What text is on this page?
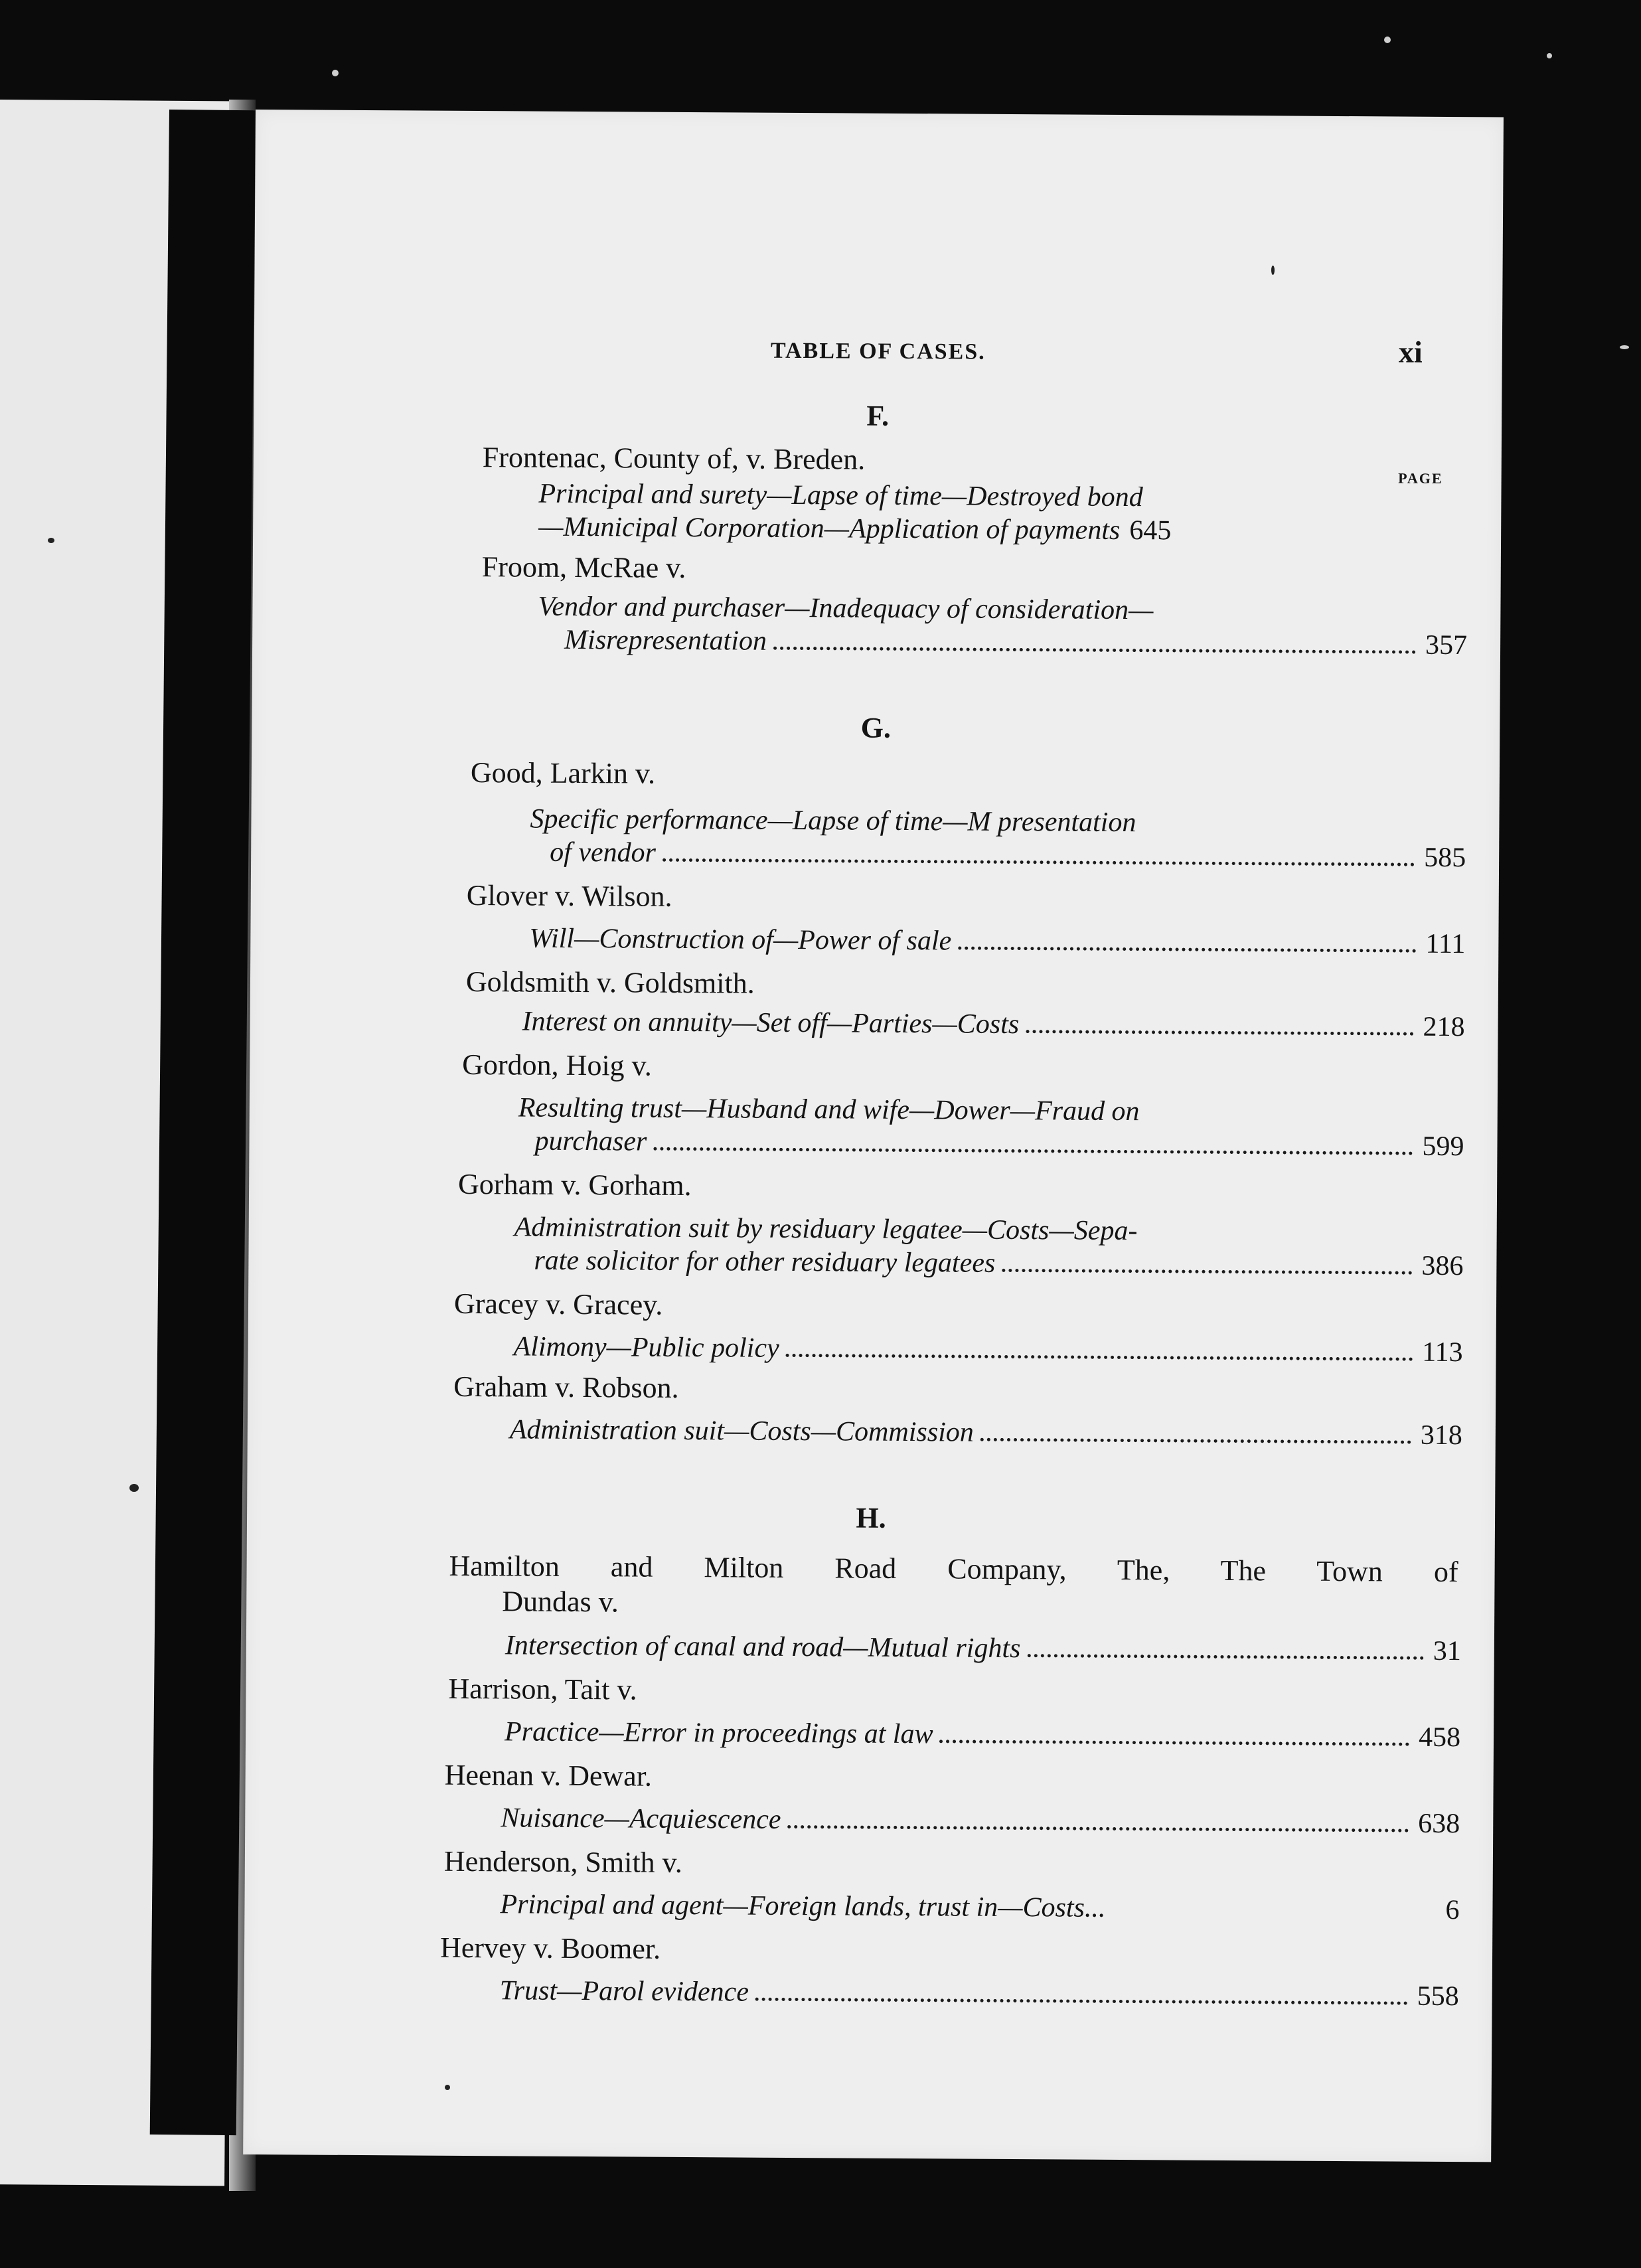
TABLE OF CASES.	xi
F.
PAGE
Frontenac, County of, v. Breden.
Principal and surety—Lapse of time—Destroyed bond
—Municipal Corporation—Application of payments 645
Froom, McRae v.
Vendor and purchaser—Inadequacy of consideration—
Misrepresentation	357
G.
Good, Larkin v.
Specific performance—Lapse of time—M presentation
of vendor	585
Glover v. Wilson.
Will—Construction of—Power of sale	111
Goldsmith v. Goldsmith.
Interest on annuity—Set off—Parties—Costs	218
Gordon, Hoig v.
Resulting trust—Husband and wife—Dower—Fraud on
purchaser	599
Gorham v. Gorham.
Administration suit by residuary legatee—Costs—Sepa-
rate solicitor for other residuary legatees	386
Gracey v. Gracey.
Alimony—Public policy	113
Graham v. Robson.
Administration suit—Costs—Commission	318
H.
Hamilton and Milton Road Company, The, The Town of
Dundas v.
Intersection of canal and road—Mutual rights	31
Harrison, Tait v.
Practice—Error in proceedings at law	458
Heenan v. Dewar.
Nuisance—Acquiescence	638
Henderson, Smith v.
Principal and agent—Foreign lands, trust in—Costs...	6
Hervey v. Boomer.
Trust—Parol evidence	558
